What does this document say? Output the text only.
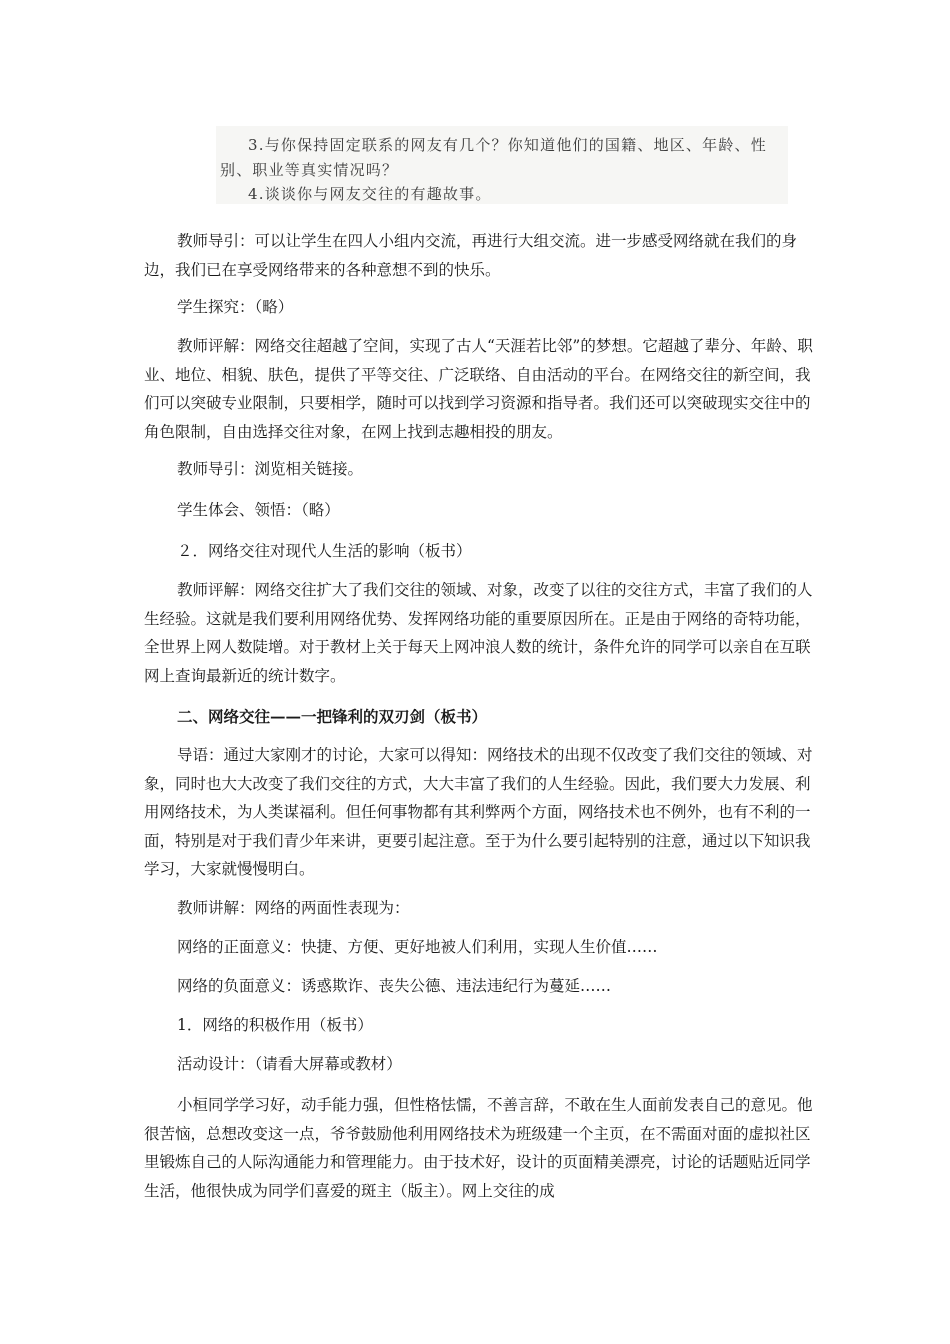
3.与你保持固定联系的网友有几个？你知道他们的国籍、地区、年龄、性
别、职业等真实情况吗？
4.谈谈你与网友交往的有趣故事。

教师导引：可以让学生在四人小组内交流，再进行大组交流。进一步感受网络就在我们的身边，我们已在享受网络带来的各种意想不到的快乐。

学生探究：（略）

教师评解：网络交往超越了空间，实现了古人“天涯若比邻”的梦想。它超越了辈分、年龄、职业、地位、相貌、肤色，提供了平等交往、广泛联络、自由活动的平台。在网络交往的新空间，我们可以突破专业限制，只要相学，随时可以找到学习资源和指导者。我们还可以突破现实交往中的角色限制，自由选择交往对象，在网上找到志趣相投的朋友。

教师导引：浏览相关链接。

学生体会、领悟：（略）

２．网络交往对现代人生活的影响（板书）

教师评解：网络交往扩大了我们交往的领域、对象，改变了以往的交往方式，丰富了我们的人生经验。这就是我们要利用网络优势、发挥网络功能的重要原因所在。正是由于网络的奇特功能，全世界上网人数陡增。对于教材上关于每天上网冲浪人数的统计，条件允许的同学可以亲自在互联网上查询最新近的统计数字。

二、网络交往——一把锋利的双刃剑（板书）

导语：通过大家刚才的讨论，大家可以得知：网络技术的出现不仅改变了我们交往的领域、对象，同时也大大改变了我们交往的方式，大大丰富了我们的人生经验。因此，我们要大力发展、利用网络技术，为人类谋福利。但任何事物都有其利弊两个方面，网络技术也不例外，也有不利的一面，特别是对于我们青少年来讲，更要引起注意。至于为什么要引起特别的注意，通过以下知识我学习，大家就慢慢明白。

教师讲解：网络的两面性表现为：

网络的正面意义：快捷、方便、更好地被人们利用，实现人生价值……

网络的负面意义：诱惑欺诈、丧失公德、违法违纪行为蔓延……

1．网络的积极作用（板书）

活动设计：（请看大屏幕或教材）

小桓同学学习好，动手能力强，但性格怯懦，不善言辞，不敢在生人面前发表自己的意见。他很苦恼，总想改变这一点，爷爷鼓励他利用网络技术为班级建一个主页，在不需面对面的虚拟社区里锻炼自己的人际沟通能力和管理能力。由于技术好，设计的页面精美漂亮，讨论的话题贴近同学生活，他很快成为同学们喜爱的斑主（版主）。网上交往的成
